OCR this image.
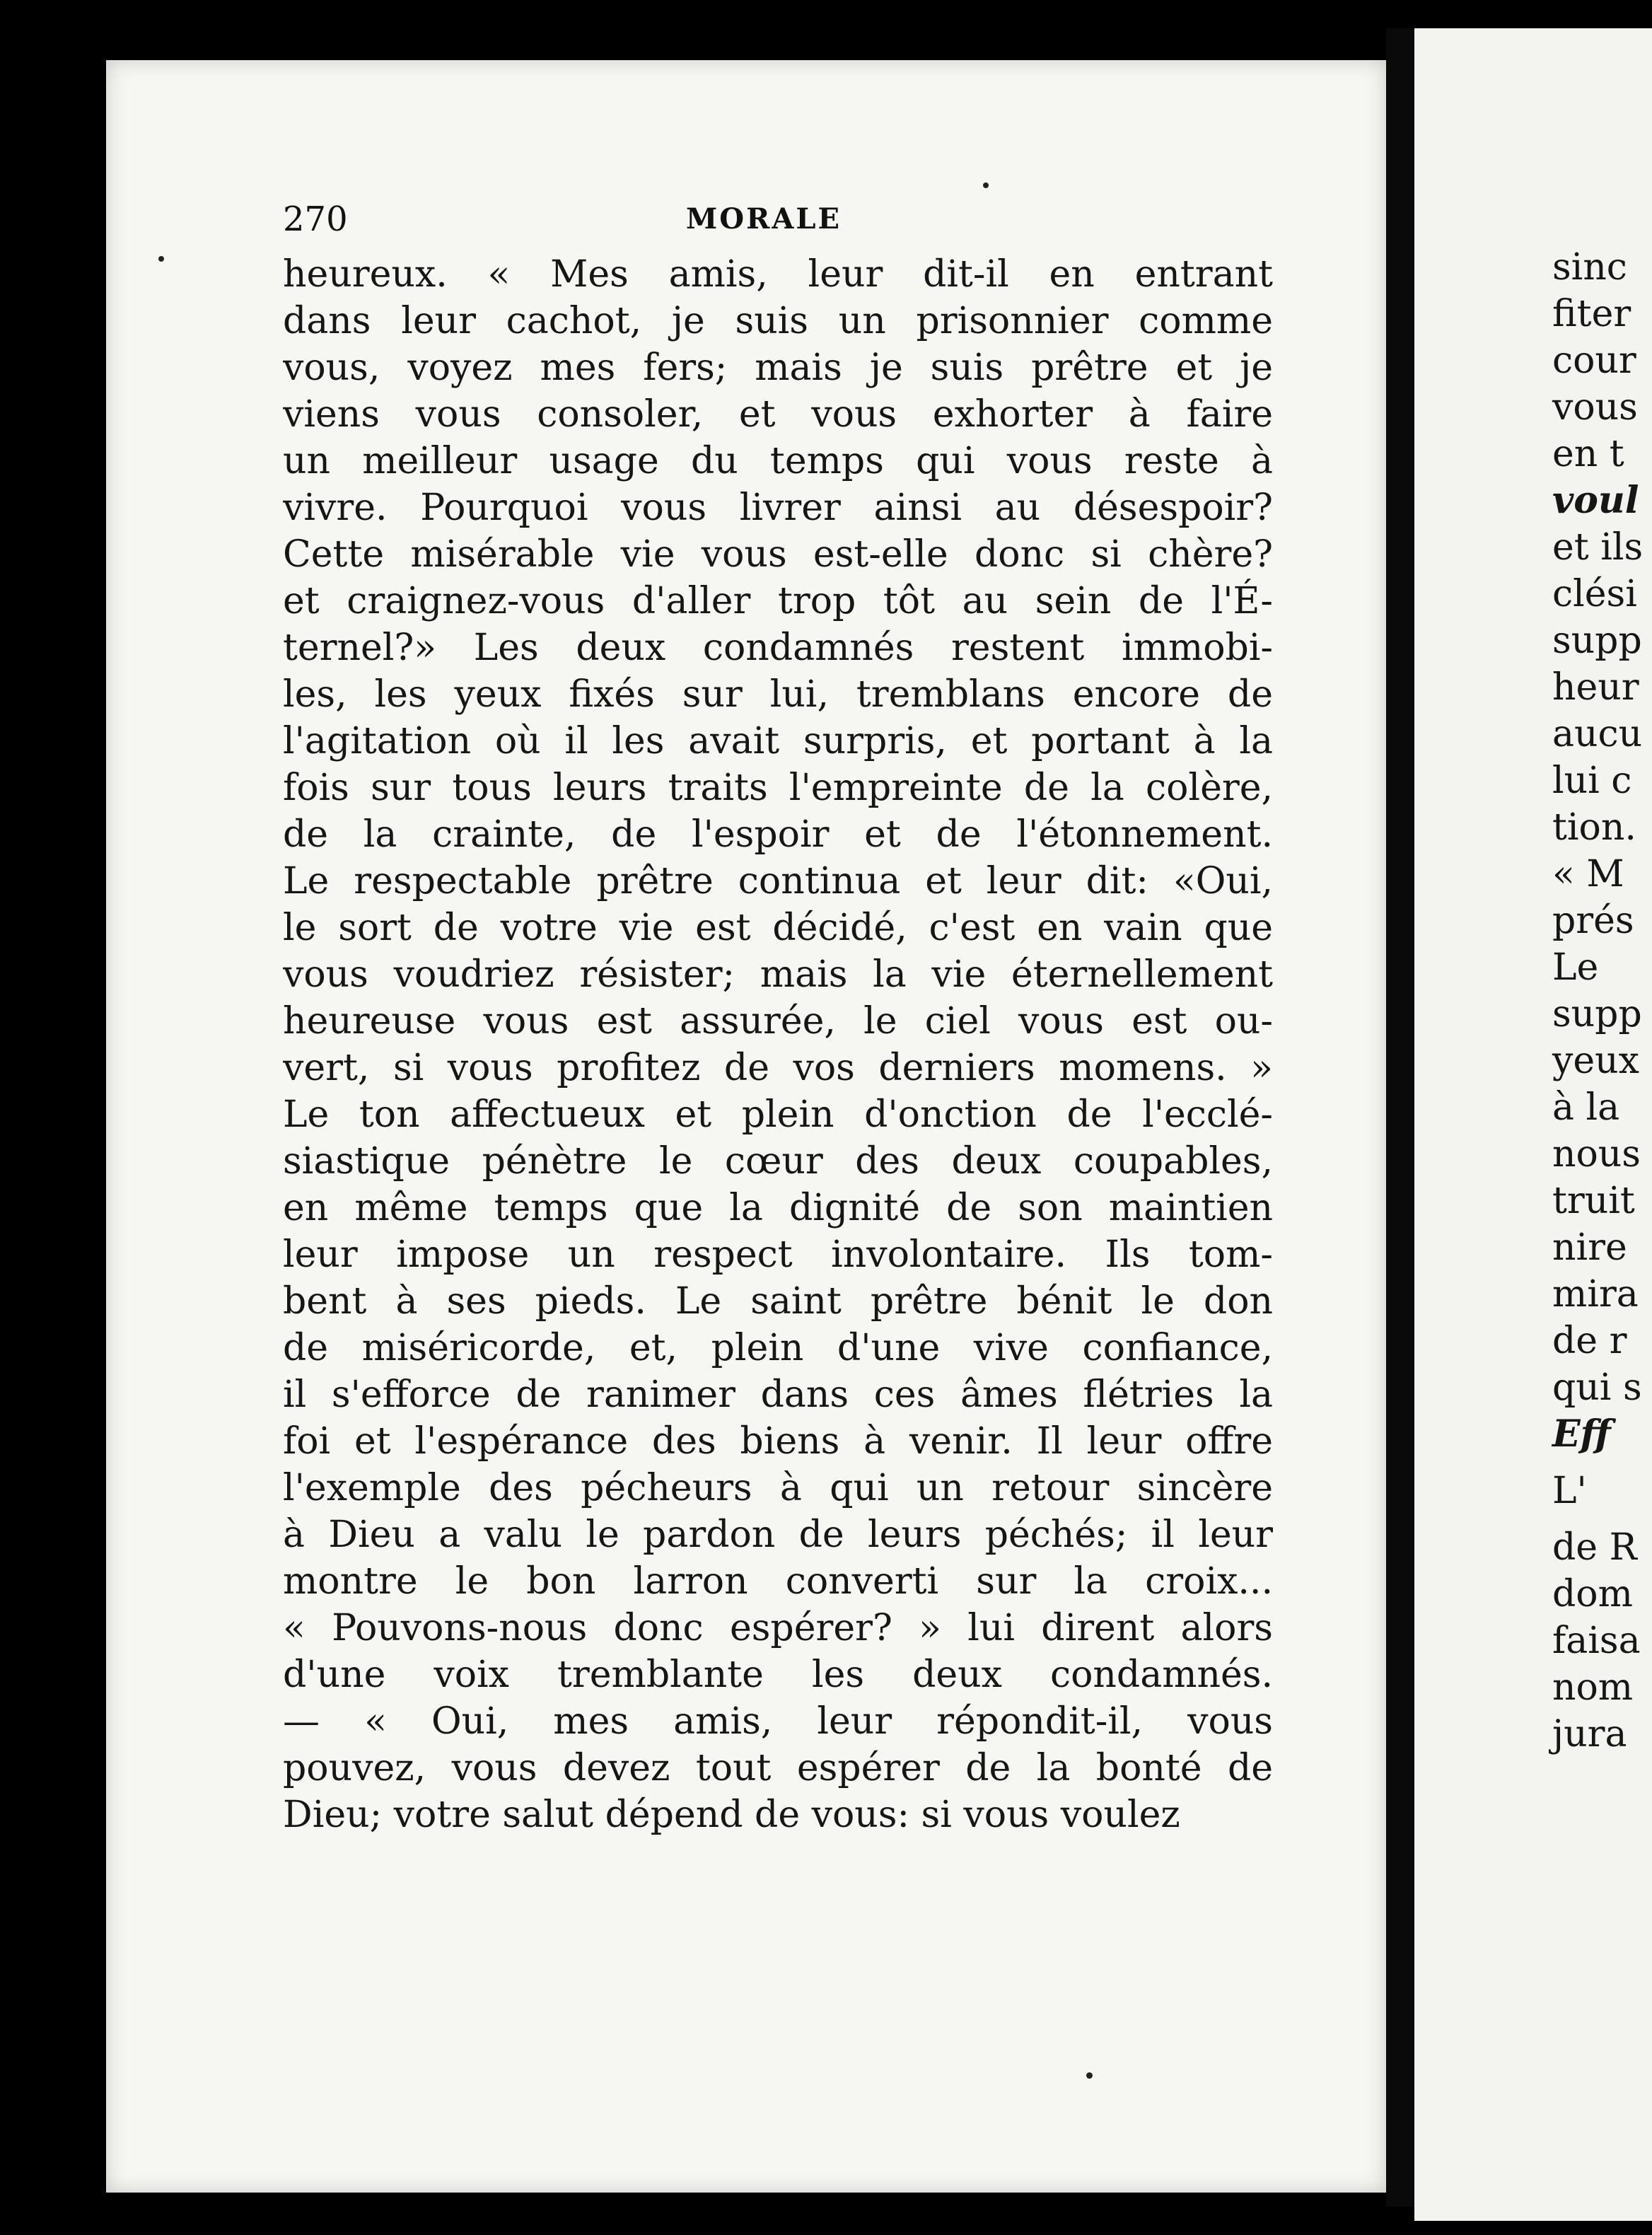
270	MORALE
heureux. « Mes amis, leur dit-il en entrant
dans leur cachot, je suis un prisonnier comme
vous, voyez mes fers; mais je suis prêtre et je
viens vous consoler, et vous exhorter à faire
un meilleur usage du temps qui vous reste à
vivre. Pourquoi vous livrer ainsi au désespoir?
Cette misérable vie vous est-elle donc si chère?
et craignez-vous d'aller trop tôt au sein de l'É-
ternel?» Les deux condamnés restent immobi-
les, les yeux fixés sur lui, tremblans encore de
l'agitation où il les avait surpris, et portant à la
fois sur tous leurs traits l'empreinte de la colère,
de la crainte, de l'espoir et de l'étonnement.
Le respectable prêtre continua et leur dit: «Oui,
le sort de votre vie est décidé, c'est en vain que
vous voudriez résister; mais la vie éternellement
heureuse vous est assurée, le ciel vous est ou-
vert, si vous profitez de vos derniers momens. »
Le ton affectueux et plein d'onction de l'ecclé-
siastique pénètre le cœur des deux coupables,
en même temps que la dignité de son maintien
leur impose un respect involontaire. Ils tom-
bent à ses pieds. Le saint prêtre bénit le don
de miséricorde, et, plein d'une vive confiance,
il s'efforce de ranimer dans ces âmes flétries la
foi et l'espérance des biens à venir. Il leur offre
l'exemple des pécheurs à qui un retour sincère
à Dieu a valu le pardon de leurs péchés; il leur
montre le bon larron converti sur la croix...
« Pouvons-nous donc espérer? » lui dirent alors
d'une voix tremblante les deux condamnés.
— « Oui, mes amis, leur répondit-il, vous
pouvez, vous devez tout espérer de la bonté de
Dieu; votre salut dépend de vous: si vous voulez
sinc
fiter
cour
vous
en t
voul
et ils
clési
supp
heur
aucu
lui c
tion.
« M
prés
Le
supp
yeux
à la
nous
truit
nire
mira
de r
qui s
Eff
L'
de R
dom
faisa
nom
jura
